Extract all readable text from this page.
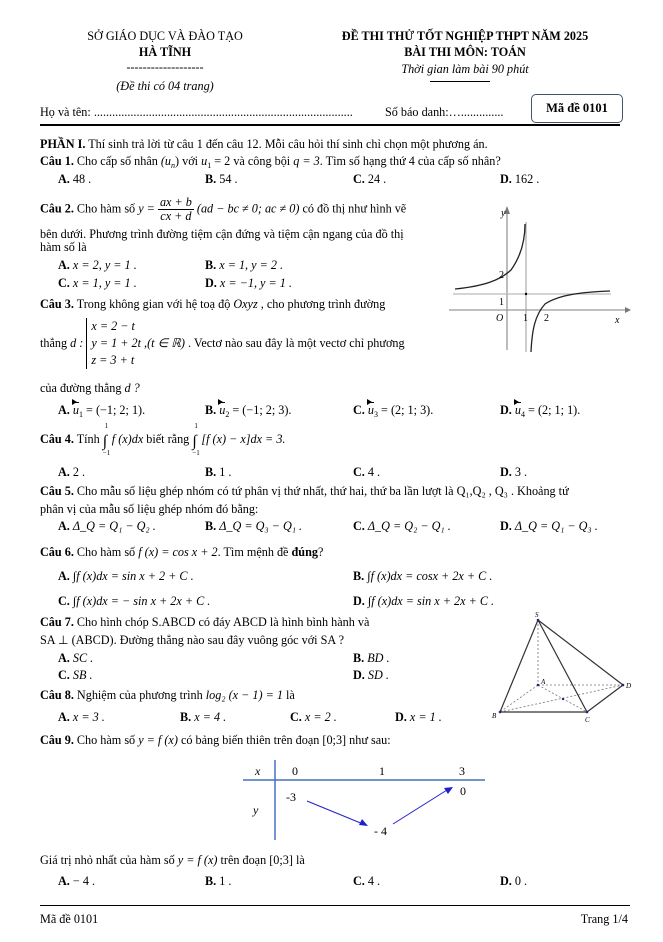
SỞ GIÁO DỤC VÀ ĐÀO TẠO
HÀ TĨNH
-------------------
(Đề thi có 04 trang)
ĐỀ THI THỬ TỐT NGHIỆP THPT NĂM 2025
BÀI THI MÔN: TOÁN
Thời gian làm bài 90 phút
Họ và tên: .....................................................................................	Số báo danh:…..............	Mã đề 0101
PHẦN I. Thí sinh trả lời từ câu 1 đến câu 12. Mỗi câu hỏi thí sinh chỉ chọn một phương án.
Câu 1. Cho cấp số nhân $(u_n)$ với $u_1 = 2$ và công bội q = 3. Tìm số hạng thứ 4 của cấp số nhân?
A. 48 .	B. 54 .	C. 24 .	D. 162 .
Câu 2. Cho hàm số $y = \frac{ax + b}{cx + d} (ad$ − bc ≠ 0; ac ≠ 0) có đồ thị như hình vẽ
bên dưới. Phương trình đường tiệm cận đứng và tiệm cận ngang của đồ thị
hàm số là
A. x = 2, y = 1 .	B. x = 1, y = 2 .
C. x = 1, y = 1 .	D. x = −1, y = 1 .
y
x
O 1 2
1
2
Câu 3. Trong không gian với hệ toạ độ Oxyz , cho phương trình đường
thẳng d :
x = 2 − t
y = 1 + 2t ,(t ∈ ℝ)
z = 3 + t
. Vectơ nào sau đây là một vectơ chỉ phương
của đường thẳng d ?
A. $u_1 = (-1$; 2; 1).	B. $u_2 = (-1$; 2; 3).	C. $u_3 = (2$; 1; 3).	D. $u_4 = (2$; 1; 1).
Câu 4. Tính ∫
1
−1
f (x)dx biết rằng ∫
1
−1
[f (x) − x]dx = 3.
A. 2 .	B. 1 .	C. 4 .	D. 3 .
Câu 5. Cho mẫu số liệu ghép nhóm có tứ phân vị thứ nhất, thứ hai, thứ ba lần lượt là Q₁,Q₂ , Q₃ . Khoảng tứ
phân vị của mẫu số liệu ghép nhóm đó bằng:
A. Δ_Q = Q₁ − Q₂ .	B. Δ_Q = Q₃ − Q₁ .	C. Δ_Q = Q₂ − Q₁ .	D. Δ_Q = Q₁ − Q₃ .
Câu 6. Cho hàm số f (x) = cos x + 2. Tìm mệnh đề đúng?
A. ∫f (x)dx = sin x + 2 + C .	B. ∫f (x)dx = cosx + 2x + C .
C. ∫f (x)dx = − sin x + 2x + C .	D. ∫f (x)dx = sin x + 2x + C .
Câu 7. Cho hình chóp S.ABCD có đáy ABCD là hình bình hành và
SA ⊥ (ABCD). Đường thẳng nào sau đây vuông góc với SA ?
A. SC .	B. BD .
C. SB .	D. SD .
S
A
B	C
D
Câu 8. Nghiệm của phương trình log₂ (x − 1) = 1 là
A. x = 3 .	B. x = 4 .	C. x = 2 .	D. x = 1 .
Câu 9. Cho hàm số y = f (x) có bảng biến thiên trên đoạn [0;3] như sau:
x
y
0	1	3
-3
- 4
0
Giá trị nhỏ nhất của hàm số y = f (x) trên đoạn [0;3] là
A. − 4 .	B. 1 .	C. 4 .	D. 0 .
Mã đề 0101	Trang 1/4
